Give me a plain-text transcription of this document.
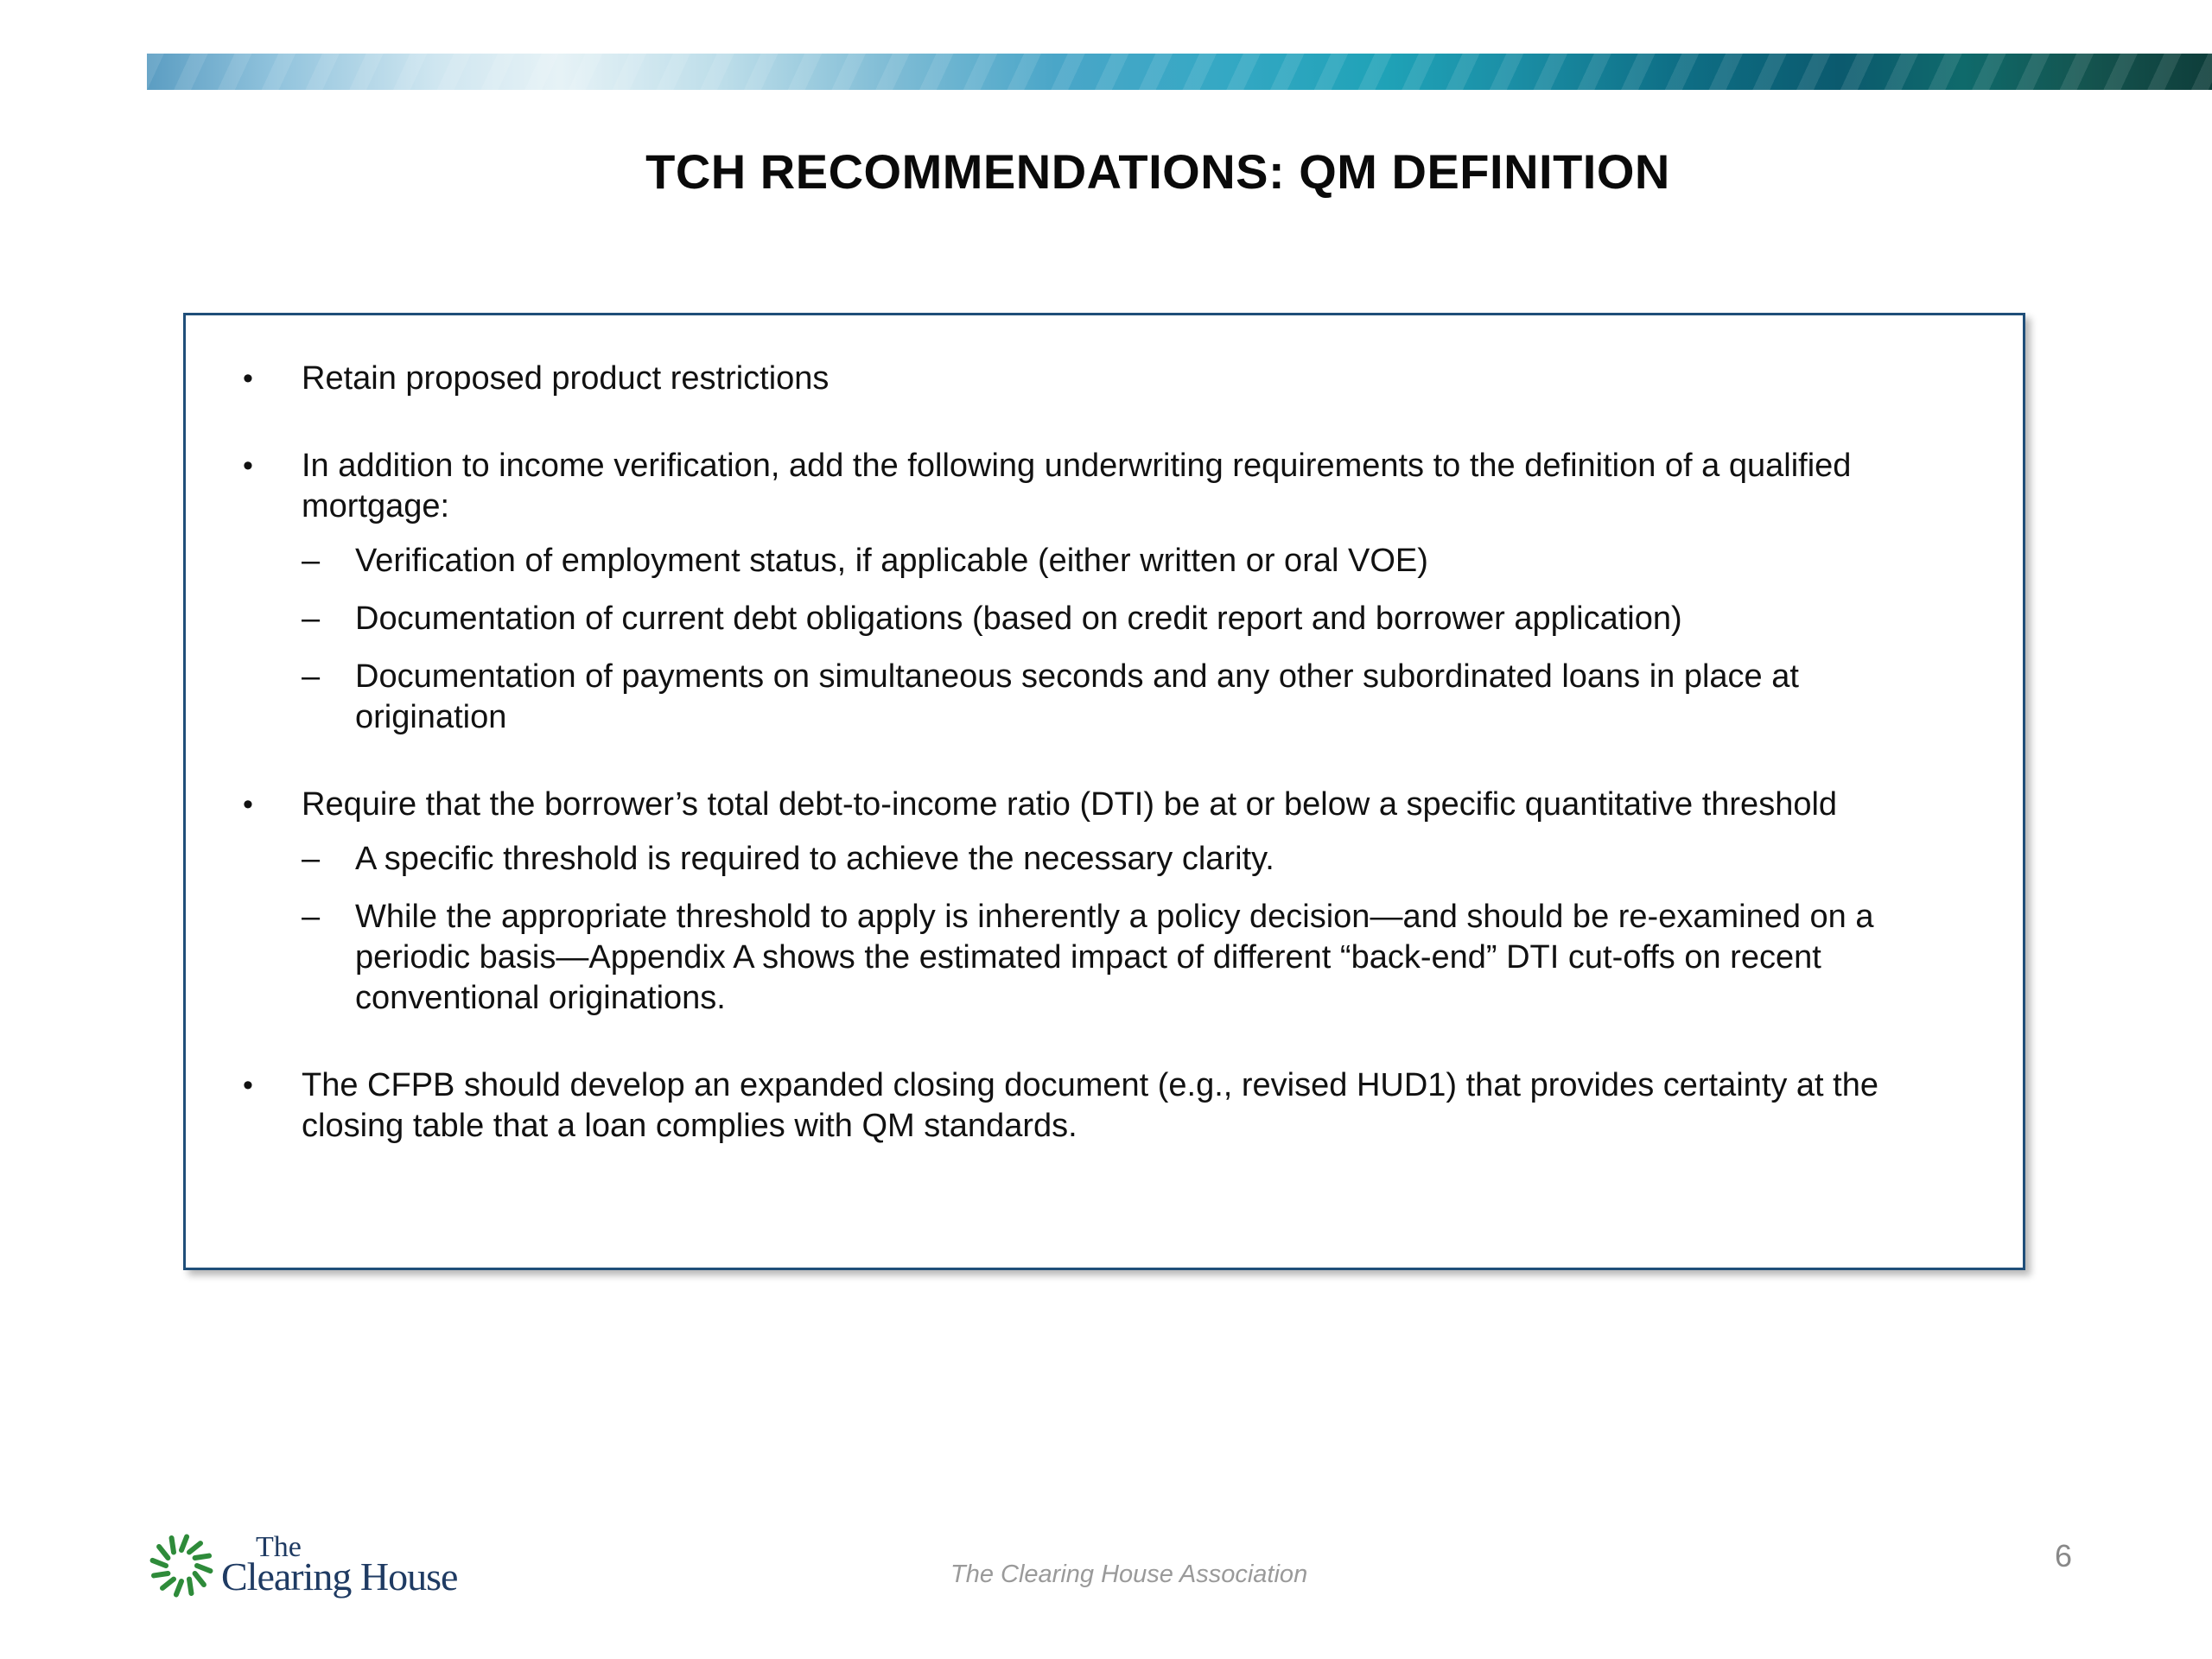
TCH RECOMMENDATIONS: QM DEFINITION
• Retain proposed product restrictions
• In addition to income verification, add the following underwriting requirements to the definition of a qualified mortgage:
– Verification of employment status, if applicable (either written or oral VOE)
– Documentation of current debt obligations (based on credit report and borrower application)
– Documentation of payments on simultaneous seconds and any other subordinated loans in place at origination
• Require that the borrower’s total debt-to-income ratio (DTI) be at or below a specific quantitative threshold
– A specific threshold is required to achieve the necessary clarity.
– While the appropriate threshold to apply is inherently a policy decision—and should be re-examined on a periodic basis—Appendix A shows the estimated impact of different “back-end” DTI cut-offs on recent conventional originations.
• The CFPB should develop an expanded closing document (e.g., revised HUD1) that provides certainty at the closing table that a loan complies with QM standards.
The
Clearing House	The Clearing House Association
6
